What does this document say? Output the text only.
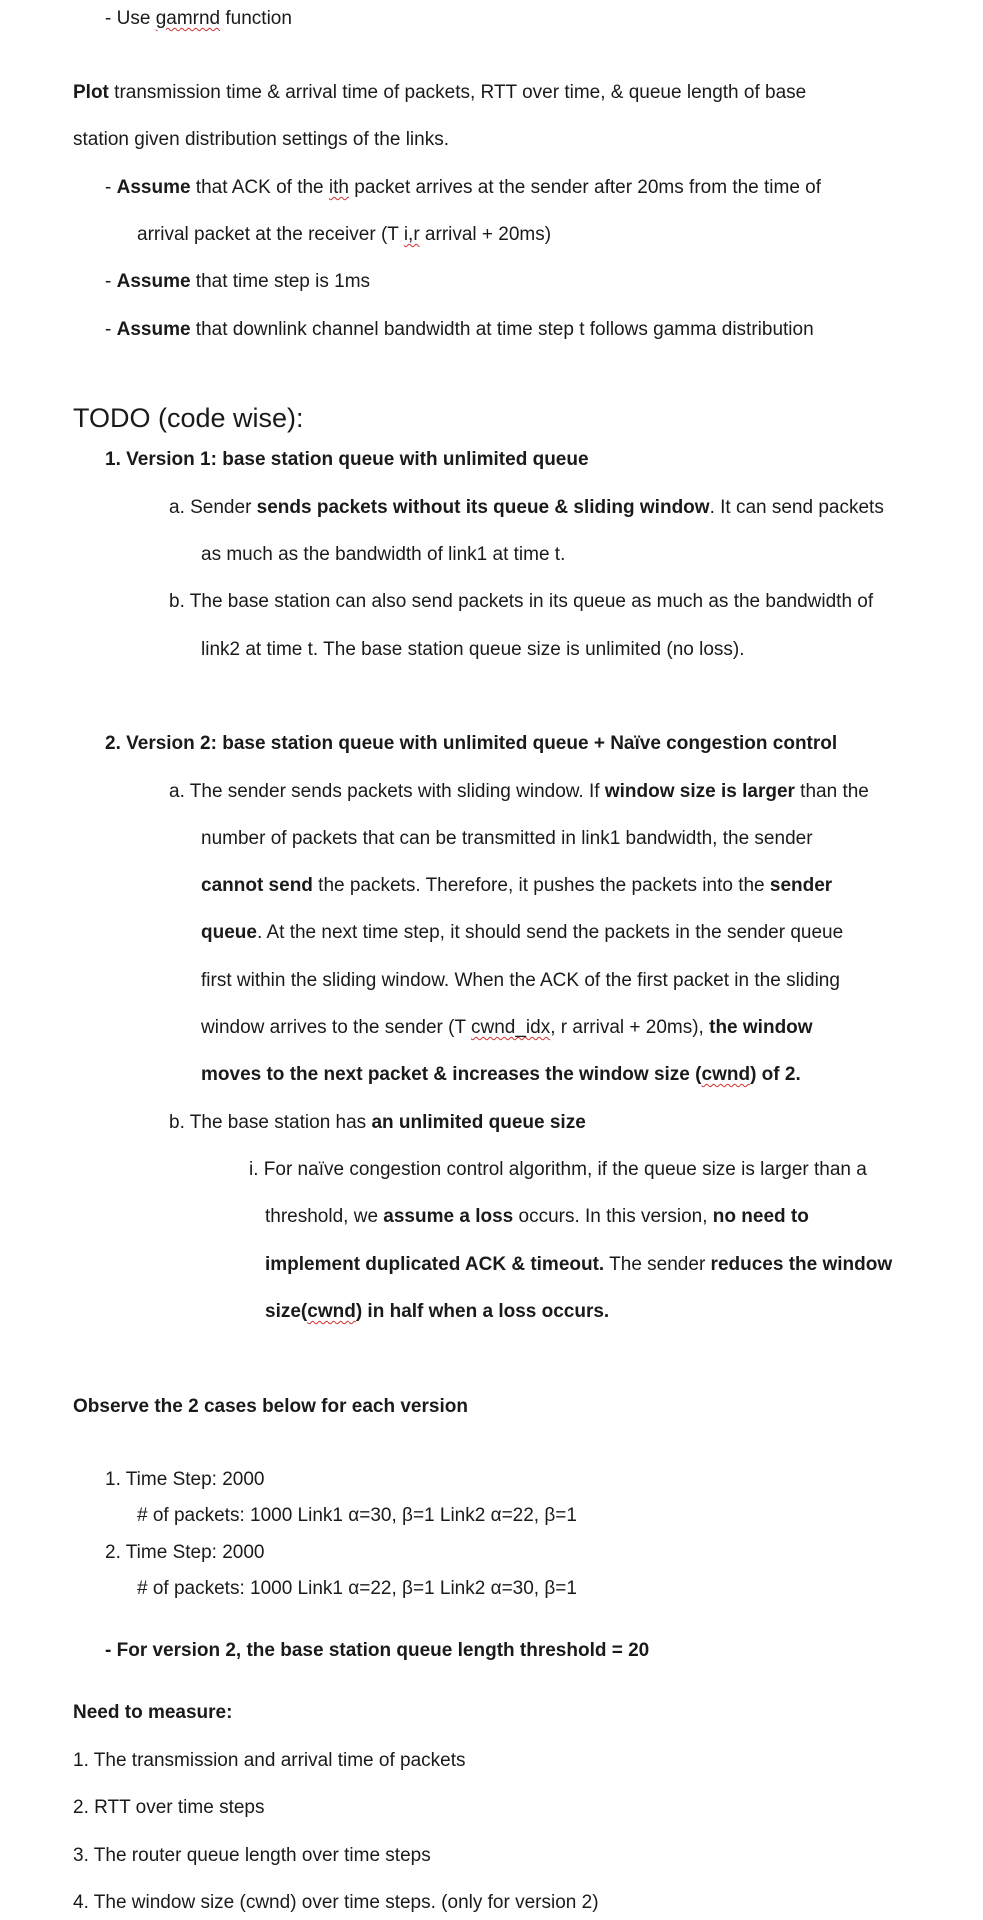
- Use gamrnd function
Plot transmission time & arrival time of packets, RTT over time, & queue length of base
station given distribution settings of the links.
- Assume that ACK of the ith packet arrives at the sender after 20ms from the time of
arrival packet at the receiver (T i,r arrival + 20ms)
- Assume that time step is 1ms
- Assume that downlink channel bandwidth at time step t follows gamma distribution
TODO (code wise):
1. Version 1: base station queue with unlimited queue
a. Sender sends packets without its queue & sliding window. It can send packets
as much as the bandwidth of link1 at time t.
b. The base station can also send packets in its queue as much as the bandwidth of
link2 at time t. The base station queue size is unlimited (no loss).
2. Version 2: base station queue with unlimited queue + Naïve congestion control
a. The sender sends packets with sliding window. If window size is larger than the
number of packets that can be transmitted in link1 bandwidth, the sender
cannot send the packets. Therefore, it pushes the packets into the sender
queue. At the next time step, it should send the packets in the sender queue
first within the sliding window. When the ACK of the first packet in the sliding
window arrives to the sender (T cwnd_idx, r arrival + 20ms), the window
moves to the next packet & increases the window size (cwnd) of 2.
b. The base station has an unlimited queue size
i. For naïve congestion control algorithm, if the queue size is larger than a
threshold, we assume a loss occurs. In this version, no need to
implement duplicated ACK & timeout. The sender reduces the window
size(cwnd) in half when a loss occurs.
Observe the 2 cases below for each version
1. Time Step: 2000
# of packets: 1000 Link1 α=30, β=1 Link2 α=22, β=1
2. Time Step: 2000
# of packets: 1000 Link1 α=22, β=1 Link2 α=30, β=1
- For version 2, the base station queue length threshold = 20
Need to measure:
1. The transmission and arrival time of packets
2. RTT over time steps
3. The router queue length over time steps
4. The window size (cwnd) over time steps. (only for version 2)
